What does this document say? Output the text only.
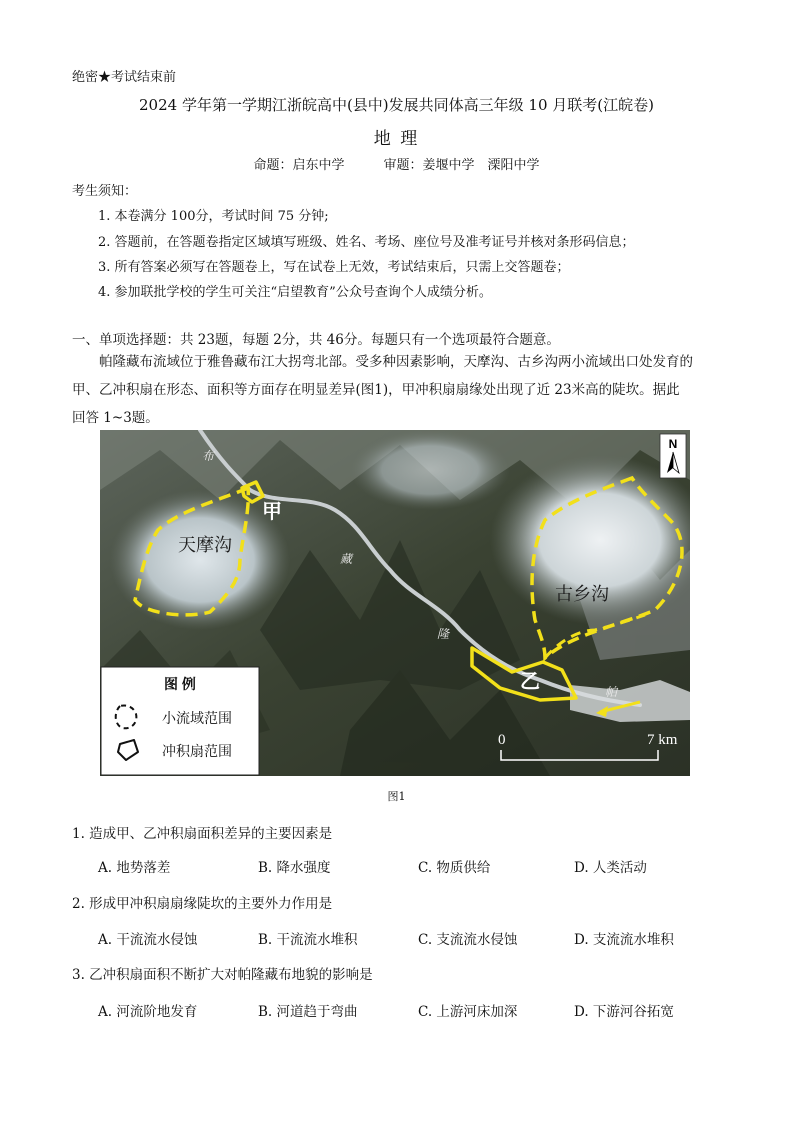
绝密★考试结束前
2024 学年第一学期江浙皖高中(县中)发展共同体高三年级 10 月联考(江皖卷)
地 理
命题：启东中学　　　审题：姜堰中学　溧阳中学
考生须知：
1. 本卷满分 100分，考试时间 75 分钟;
2. 答题前，在答题卷指定区域填写班级、姓名、考场、座位号及准考证号并核对条形码信息；
3. 所有答案必须写在答题卷上，写在试卷上无效，考试结束后，只需上交答题卷；
4. 参加联批学校的学生可关注“启望教育”公众号查询个人成绩分析。
一、单项选择题：共 23题，每题 2分，共 46分。每题只有一个选项最符合题意。
　　帕隆藏布流域位于雅鲁藏布江大拐弯北部。受多种因素影响，天摩沟、古乡沟两小流域出口处发育的
甲、乙冲积扇在形态、面积等方面存在明显差异(图1)，甲冲积扇扇缘处出现了近 23米高的陡坎。据此
回答 1~3题。
甲
天摩沟
古乡沟
乙
布
藏
隆
帕
N
图 例
小流域范围
冲积扇范围
0	7 km
图1
1. 造成甲、乙冲积扇面积差异的主要因素是
A. 地势落差	B. 降水强度	C. 物质供给	D. 人类活动
2. 形成甲冲积扇扇缘陡坎的主要外力作用是
A. 干流流水侵蚀	B. 干流流水堆积	C. 支流流水侵蚀	D. 支流流水堆积
3. 乙冲积扇面积不断扩大对帕隆藏布地貌的影响是
A. 河流阶地发育	B. 河道趋于弯曲	C. 上游河床加深	D. 下游河谷拓宽
